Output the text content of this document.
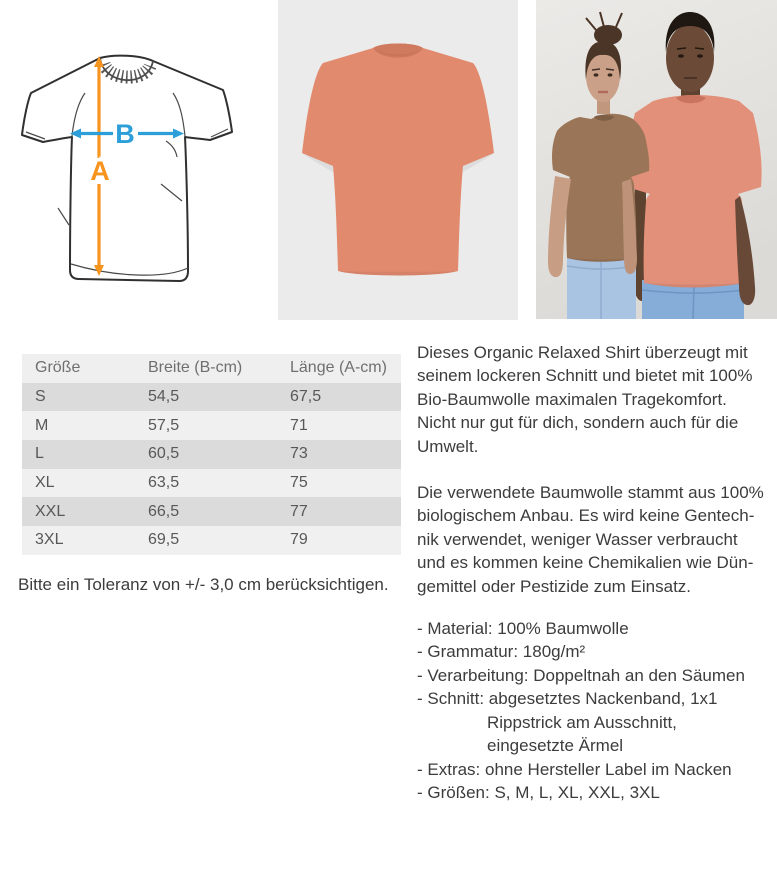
A
B
Größe	Breite (B-cm)	Länge (A-cm)
S	54,5	67,5
M	57,5	71
L	60,5	73
XL	63,5	75
XXL	66,5	77
3XL	69,5	79
Bitte ein Toleranz von +/- 3,0 cm berücksichtigen.
Dieses Organic Relaxed Shirt überzeugt mit
seinem lockeren Schnitt und bietet mit 100%
Bio-Baumwolle maximalen Tragekomfort.
Nicht nur gut für dich, sondern auch für die
Umwelt.
Die verwendete Baumwolle stammt aus 100%
biologischem Anbau. Es wird keine Gentech-
nik verwendet, weniger Wasser verbraucht
und es kommen keine Chemikalien wie Dün-
gemittel oder Pestizide zum Einsatz.
- Material: 100% Baumwolle
- Grammatur: 180g/m²
- Verarbeitung: Doppeltnah an den Säumen
- Schnitt: abgesetztes Nackenband, 1x1
Rippstrick am Ausschnitt,
eingesetzte Ärmel
- Extras: ohne Hersteller Label im Nacken
- Größen: S, M, L, XL, XXL, 3XL
